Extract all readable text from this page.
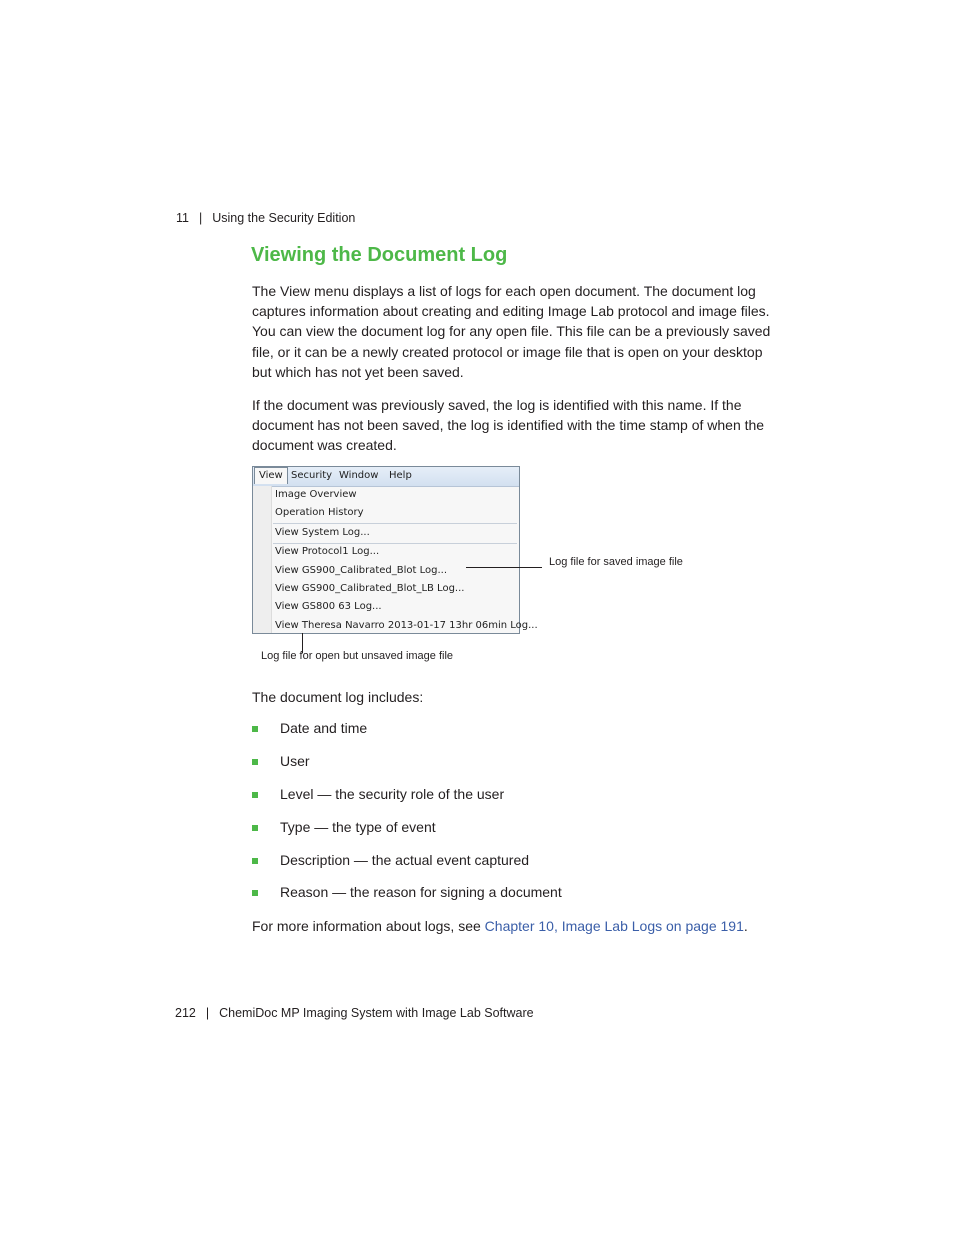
11 | Using the Security Edition
Viewing the Document Log

The View menu displays a list of logs for each open document. The document log captures information about creating and editing Image Lab protocol and image files. You can view the document log for any open file. This file can be a previously saved file, or it can be a newly created protocol or image file that is open on your desktop but which has not yet been saved.

If the document was previously saved, the log is identified with this name. If the document has not been saved, the log is identified with the time stamp of when the document was created.

View Security Window Help
Image Overview
Operation History
View System Log...
View Protocol1 Log...
View GS900_Calibrated_Blot Log...
View GS900_Calibrated_Blot_LB Log...
View GS800 63 Log...
View Theresa Navarro 2013-01-17 13hr 06min Log...
Log file for saved image file
Log file for open but unsaved image file

The document log includes:

Date and time
User
Level — the security role of the user
Type — the type of event
Description — the actual event captured
Reason — the reason for signing a document

For more information about logs, see Chapter 10, Image Lab Logs on page 191.

212 | ChemiDoc MP Imaging System with Image Lab Software
